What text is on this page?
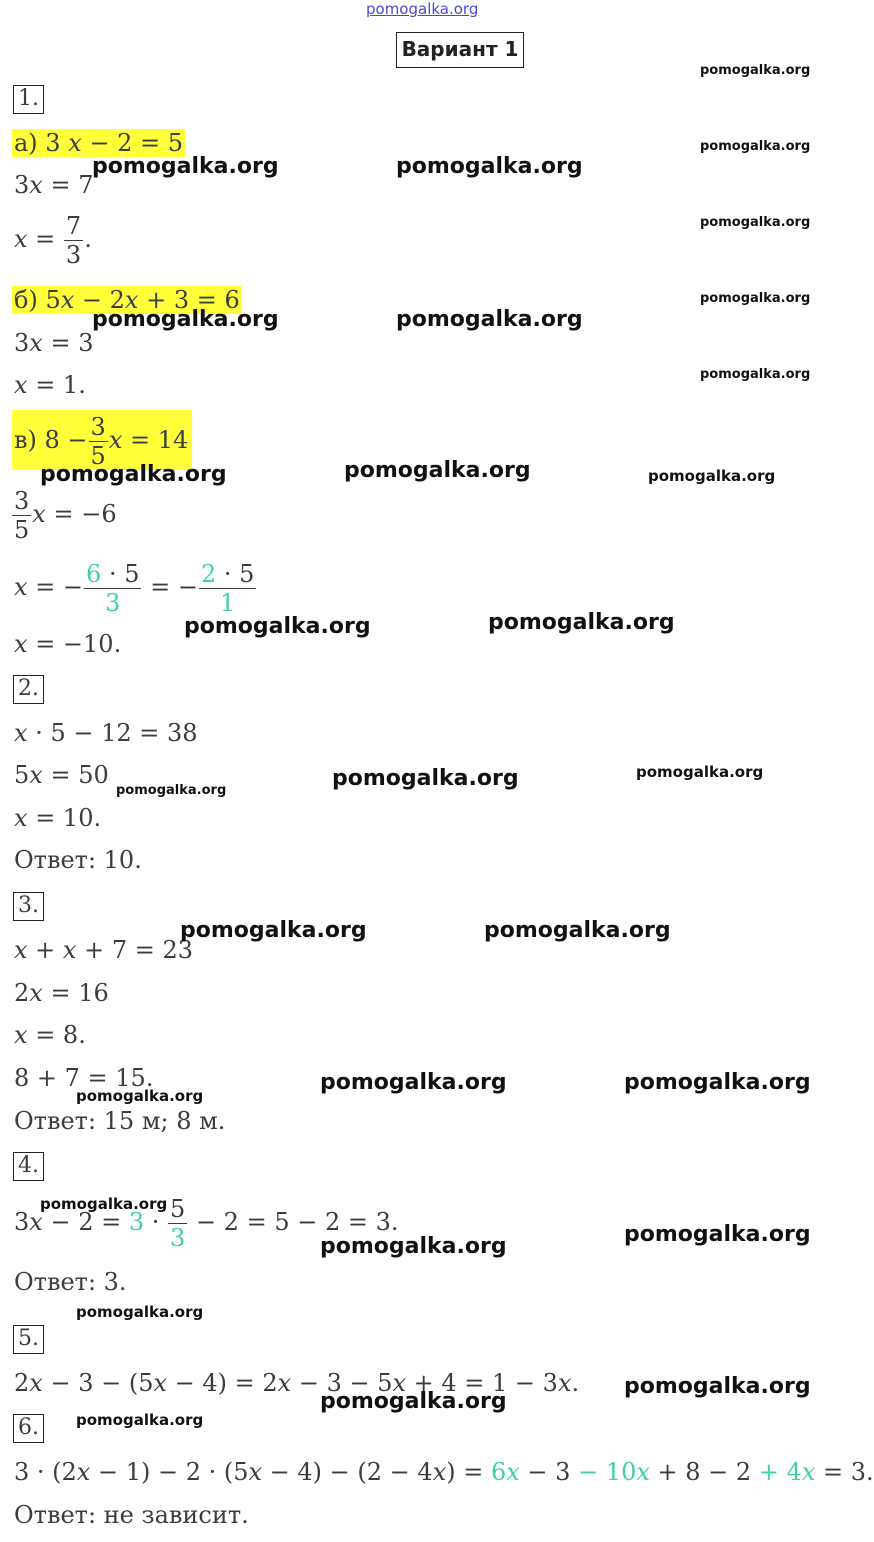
pomogalka.org
Вариант 1
1.
а) 3 x − 2 = 5
3x = 7
$x = \frac{7}{3}$ .
б) 5x − 2x + 3 = 6
3x = 3
x = 1.
в) $8 - \frac{3}{5}$ x = 14
$\frac{3}{5}$ x = −6
x = − $\frac{6 \cdot 5}{3}$ = − $\frac{2 \cdot 5}{1}$
x = −10.
2.
x · 5 − 12 = 38
5x = 50
x = 10.
Ответ: 10.
3.
x + x + 7 = 23
2x = 16
x = 8.
8 + 7 = 15.
Ответ: 15 м; 8 м.
4.
$3x - 2 = 3 \cdot \frac{5}{3} - 2 = 5 - 2 = 3$.
Ответ: 3.
5.
2x − 3 − (5x − 4) = 2x − 3 − 5x + 4 = 1 − 3x.
6.
3 · (2x − 1) − 2 · (5x − 4) − (2 − 4x) = 6x − 3 − 10x + 8 − 2 + 4x = 3.
Ответ: не зависит.
pomogalka.org
pomogalka.org	pomogalka.org
pomogalka.org
pomogalka.org
pomogalka.org
pomogalka.org	pomogalka.org
pomogalka.org
pomogalka.org	pomogalka.org	pomogalka.org
pomogalka.org	pomogalka.org
pomogalka.org	pomogalka.org
pomogalka.org
pomogalka.org	pomogalka.org
pomogalka.org
pomogalka.org	pomogalka.org
pomogalka.org
pomogalka.org
pomogalka.org
pomogalka.org
pomogalka.org
pomogalka.org
pomogalka.org
